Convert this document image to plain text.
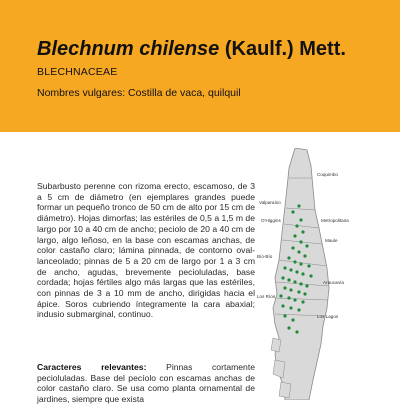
Blechnum chilense (Kaulf.) Mett.
BLECHNACEAE
Nombres vulgares: Costilla de vaca, quilquil

Subarbusto perenne con rizoma erecto, escamoso, de 3 a 5 cm de diámetro (en ejemplares grandes puede formar un pequeño tronco de 50 cm de alto por 15 cm de diámetro). Hojas dimorfas; las estériles de 0,5 a 1,5 m de largo por 10 a 40 cm de ancho; peciolo de 20 a 40 cm de largo, algo leñoso, en la base con escamas anchas, de color castaño claro; lámina pinnada, de contorno oval-lanceolado; pinnas de 5 a 20 cm de largo por 1 a 3 cm de ancho, agudas, brevemente pecioluladas, base cordada; hojas fértiles algo más largas que las estériles, con pinnas de 3 a 10 mm de ancho, dirigidas hacia el ápice. Soros cubriendo íntegramente la cara abaxial; indusio submarginal, continuo.

Caracteres relevantes: Pinnas cortamente pecioluladas. Base del pecíolo con escamas anchas de color castaño claro. Se usa como planta ornamental de jardines, siempre que exista

Coquimbo
Valparaíso
O'Higgins	Metropolitana
Maule
Bío-Bío
Araucanía
Los Ríos
Los Lagos
